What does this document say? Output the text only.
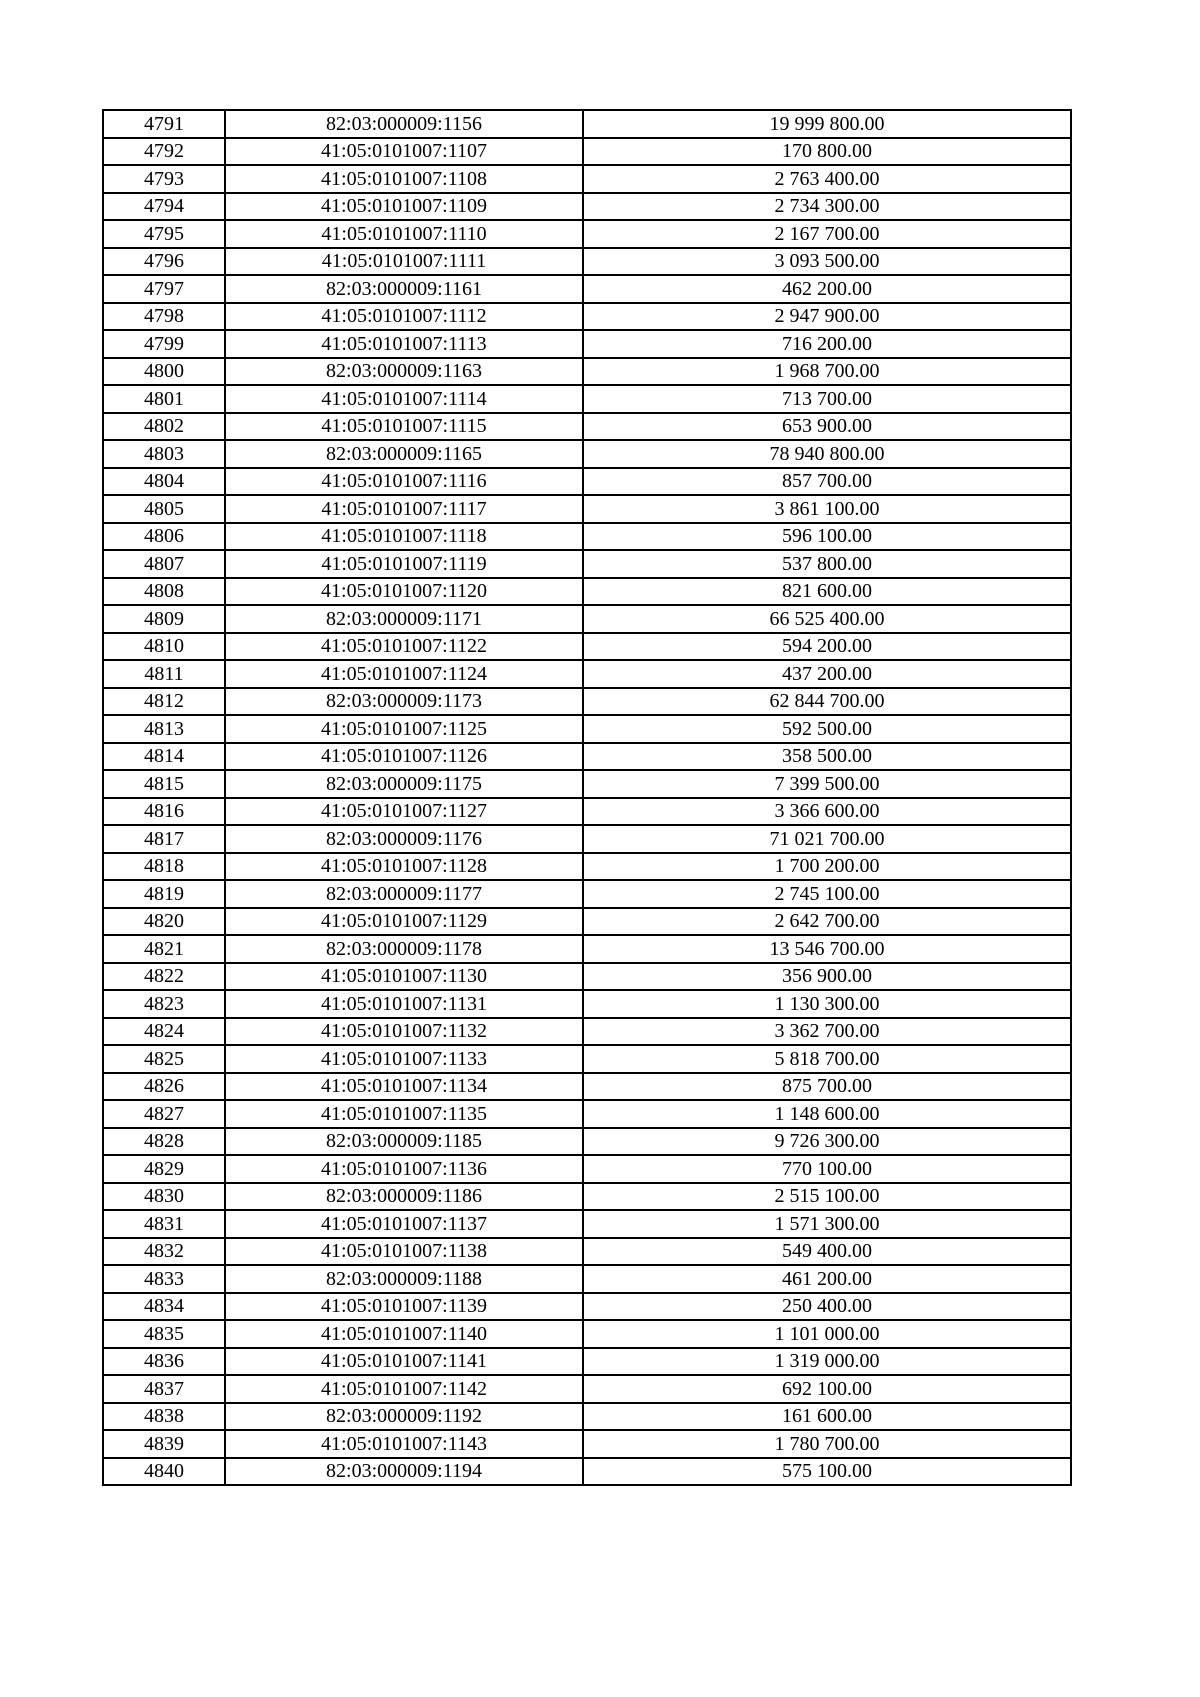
4791	82:03:000009:1156	19 999 800.00
4792	41:05:0101007:1107	170 800.00
4793	41:05:0101007:1108	2 763 400.00
4794	41:05:0101007:1109	2 734 300.00
4795	41:05:0101007:1110	2 167 700.00
4796	41:05:0101007:1111	3 093 500.00
4797	82:03:000009:1161	462 200.00
4798	41:05:0101007:1112	2 947 900.00
4799	41:05:0101007:1113	716 200.00
4800	82:03:000009:1163	1 968 700.00
4801	41:05:0101007:1114	713 700.00
4802	41:05:0101007:1115	653 900.00
4803	82:03:000009:1165	78 940 800.00
4804	41:05:0101007:1116	857 700.00
4805	41:05:0101007:1117	3 861 100.00
4806	41:05:0101007:1118	596 100.00
4807	41:05:0101007:1119	537 800.00
4808	41:05:0101007:1120	821 600.00
4809	82:03:000009:1171	66 525 400.00
4810	41:05:0101007:1122	594 200.00
4811	41:05:0101007:1124	437 200.00
4812	82:03:000009:1173	62 844 700.00
4813	41:05:0101007:1125	592 500.00
4814	41:05:0101007:1126	358 500.00
4815	82:03:000009:1175	7 399 500.00
4816	41:05:0101007:1127	3 366 600.00
4817	82:03:000009:1176	71 021 700.00
4818	41:05:0101007:1128	1 700 200.00
4819	82:03:000009:1177	2 745 100.00
4820	41:05:0101007:1129	2 642 700.00
4821	82:03:000009:1178	13 546 700.00
4822	41:05:0101007:1130	356 900.00
4823	41:05:0101007:1131	1 130 300.00
4824	41:05:0101007:1132	3 362 700.00
4825	41:05:0101007:1133	5 818 700.00
4826	41:05:0101007:1134	875 700.00
4827	41:05:0101007:1135	1 148 600.00
4828	82:03:000009:1185	9 726 300.00
4829	41:05:0101007:1136	770 100.00
4830	82:03:000009:1186	2 515 100.00
4831	41:05:0101007:1137	1 571 300.00
4832	41:05:0101007:1138	549 400.00
4833	82:03:000009:1188	461 200.00
4834	41:05:0101007:1139	250 400.00
4835	41:05:0101007:1140	1 101 000.00
4836	41:05:0101007:1141	1 319 000.00
4837	41:05:0101007:1142	692 100.00
4838	82:03:000009:1192	161 600.00
4839	41:05:0101007:1143	1 780 700.00
4840	82:03:000009:1194	575 100.00
